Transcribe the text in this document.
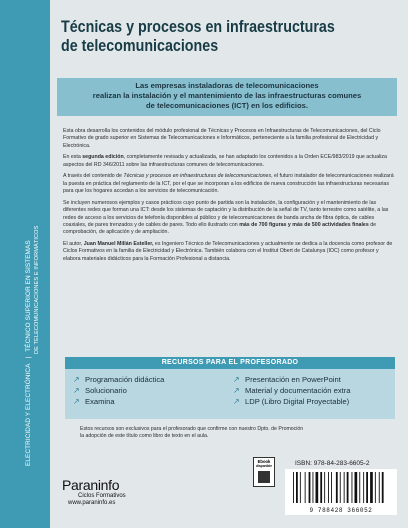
ELECTRICIDAD Y ELECTRÓNICA|TÉCNICO SUPERIOR EN SISTEMAS DE TELECOMUNICACIONES E INFORMÁTICOS
Técnicas y procesos en infraestructuras
de telecomunicaciones
Las empresas instaladoras de telecomunicaciones
realizan la instalación y el mantenimiento de las infraestructuras comunes
de telecomunicaciones (ICT) en los edificios.

Esta obra desarrolla los contenidos del módulo profesional de Técnicas y Procesos en Infraestructuras de Telecomunicaciones, del Ciclo Formativo de grado superior en Sistemas de Telecomunicaciones e Informáticos, perteneciente a la familia profesional de Electricidad y Electrónica.

En esta segunda edición, completamente revisada y actualizada, se han adaptado los contenidos a la Orden ECE/983/2019 que actualiza aspectos del RD 346/2011 sobre las infraestructuras comunes de telecomunicaciones.

A través del contenido de Técnicas y procesos en infraestructuras de telecomunicaciones, el futuro instalador de telecomunicaciones realizará la puesta en práctica del reglamento de la ICT, por el que se incorporan a los edificios de nueva construcción las infraestructuras necesarias para que los hogares accedan a los servicios de telecomunicación.

Se incluyen numerosos ejemplos y casos prácticos cuyo punto de partida son la instalación, la configuración y el mantenimiento de las diferentes redes que forman una ICT: desde los sistemas de captación y la distribución de la señal de TV, tanto terrestre como satélite, a las redes de acceso a los servicios de telefonía disponibles al público y de telecomunicaciones de banda ancha de fibra óptica, de cables coaxiales, de pares trenzados y de cables de pares. Todo ello ilustrado con más de 700 figuras y más de 500 actividades finales de comprobación, de aplicación y de ampliación.

El autor, Juan Manuel Millán Esteller, es Ingeniero Técnico de Telecomunicaciones y actualmente se dedica a la docencia como profesor de Ciclos Formativos en la familia de Electricidad y Electrónica. También colabora con el Institut Obert de Catalunya (IOC) como profesor y elabora materiales didácticos para la Formación Profesional a distancia.

RECURSOS PARA EL PROFESORADO
↗ Programación didáctica
↗ Solucionario
↗ Examina
↗ Presentación en PowerPoint
↗ Material y documentación extra
↗ LDP (Libro Digital Proyectable)
Estos recursos son exclusivos para el profesorado que confirme con nuestro Dpto. de Promoción
la adopción de este título como libro de texto en el aula.
Paraninfo
Ciclos Formativos
www.paraninfo.es
Ebook
disponible	ISBN: 978-84-283-6605-2
9 788428 366052
